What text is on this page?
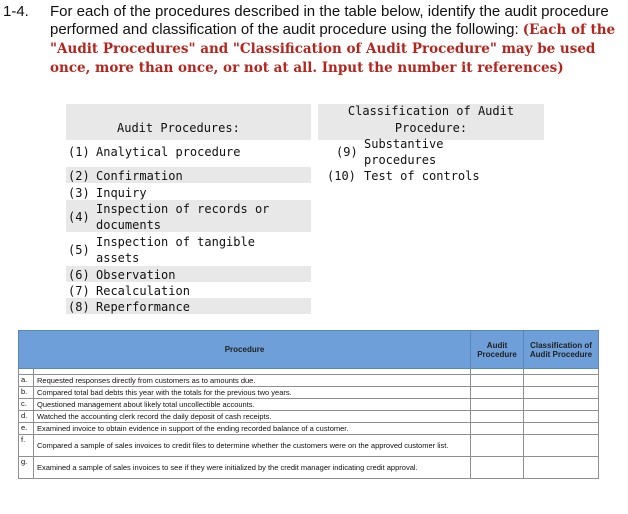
1-4. For each of the procedures described in the table below, identify the audit procedure performed and classification of the audit procedure using the following: (Each of the "Audit Procedures" and "Classification of Audit Procedure" may be used once, more than once, or not at all. Input the number it references)
Audit Procedures:
Classification of Audit
Procedure:
(1) Analytical procedure
(2) Confirmation
(3) Inquiry
(4)
Inspection of records or
documents
(5)
Inspection of tangible
assets
(6) Observation
(7) Recalculation
(8) Reperformance
(9)
Substantive
procedures
(10) Test of controls
Procedure		Audit Procedure	Classification of Audit Procedure

a.	Requested responses directly from customers as to amounts due.	

b.	Compared total bad debts this year with the totals for the previous two years.	

c.	Questioned management about likely total uncollectible accounts.	

d.	Watched the accounting clerk record the daily deposit of cash receipts.	

e.	Examined invoice to obtain evidence in support of the ending recorded balance of a customer.	

f.	Compared a sample of sales invoices to credit files to determine whether the customers were on the approved customer list.	

g.	Examined a sample of sales invoices to see if they were initialized by the credit manager indicating credit approval.	
